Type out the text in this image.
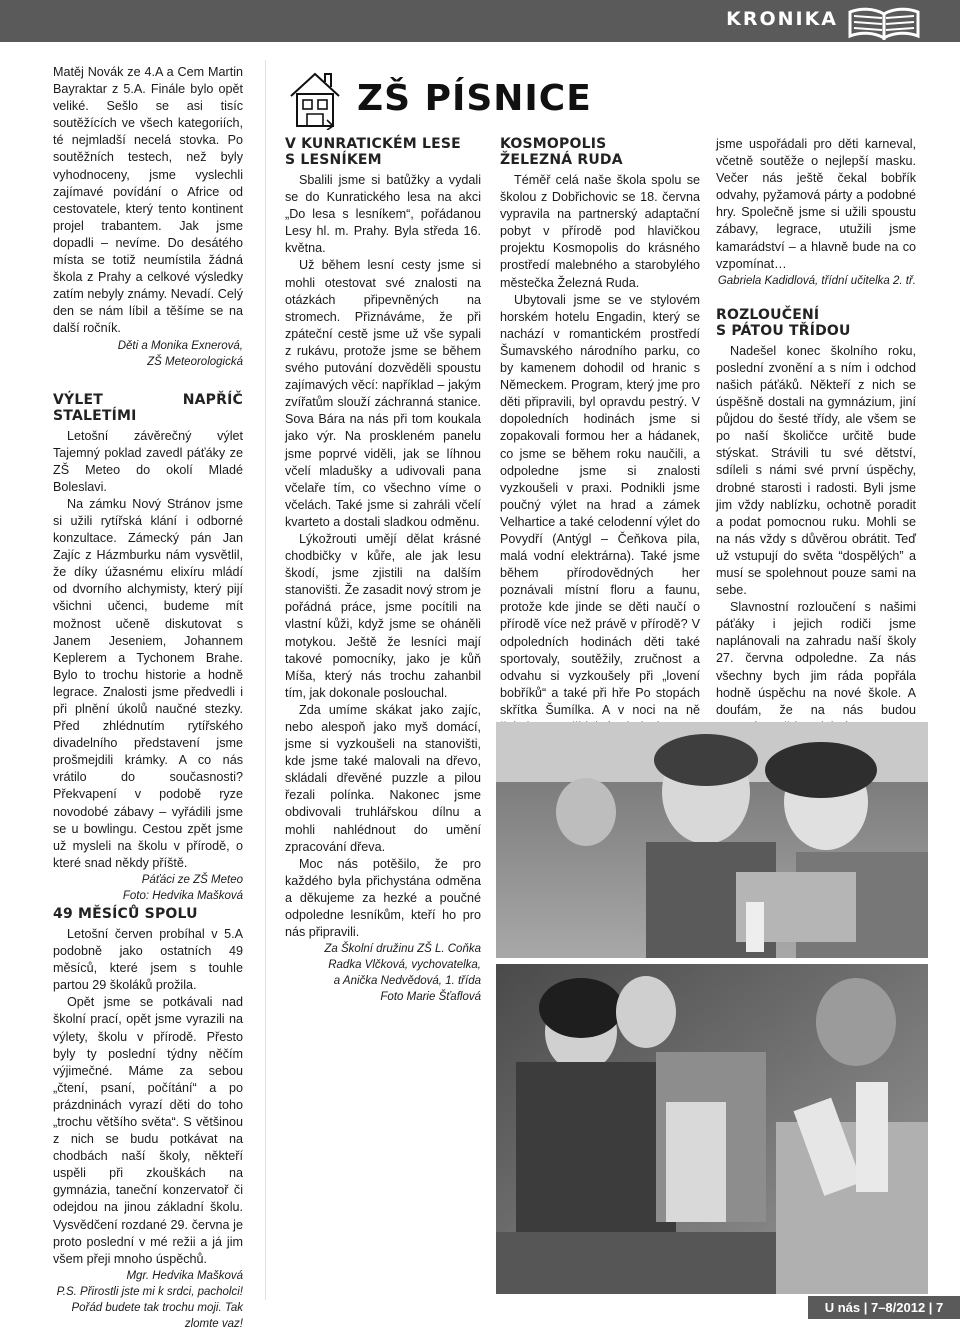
KRONIKA
ZŠ PÍSNICE

Matěj Novák ze 4.A a Cem Martin Bayraktar z 5.A. Finále bylo opět veliké. Sešlo se asi tisíc soutěžících ve všech kategoriích, té nejmladší necelá stovka. Po soutěžních testech, než byly vyhodnoceny, jsme vyslechli zajímavé povídání o Africe od cestovatele, který tento kontinent projel trabantem. Jak jsme dopadli – nevíme. Do desátého místa se totiž neumístila žádná škola z Prahy a celkové výsledky zatím nebyly známy. Nevadí. Celý den se nám líbil a těšíme se na další ročník.

Děti a Monika Exnerová,
ZŠ Meteorologická
VÝLET NAPŘÍČ STALETÍMI

Letošní závěrečný výlet Tajemný poklad zavedl páťáky ze ZŠ Meteo do okolí Mladé Boleslavi.

Na zámku Nový Stránov jsme si užili rytířská klání i odborné konzultace. Zámecký pán Jan Zajíc z Házmburku nám vysvětlil, že díky úžasnému elixíru mládí od dvorního alchymisty, který pijí všichni učenci, budeme mít možnost učeně diskutovat s Janem Jeseniem, Johannem Keplerem a Tychonem Brahe. Bylo to trochu historie a hodně legrace. Znalosti jsme předvedli i při plnění úkolů naučné stezky. Před zhlédnutím rytířského divadelního představení jsme prošmejdili krámky. A co nás vrátilo do současnosti? Překvapení v podobě ryze novodobé zábavy – vyřádili jsme se u bowlingu. Cestou zpět jsme už mysleli na školu v přírodě, o které snad někdy příště.

Páťáci ze ZŠ Meteo
Foto: Hedvika Mašková
49 MĚSÍCŮ SPOLU

Letošní červen probíhal v 5.A podobně jako ostatních 49 měsíců, které jsem s touhle partou 29 školáků prožila.

Opět jsme se potkávali nad školní prací, opět jsme vyrazili na výlety, školu v přírodě. Přesto byly ty poslední týdny něčím výjimečné. Máme za sebou „čtení, psaní, počítání“ a po prázdninách vyrazí děti do toho „trochu většího světa“. S většinou z nich se budu potkávat na chodbách naší školy, někteří uspěli při zkouškách na gymnázia, taneční konzervatoř či odejdou na jinou základní školu. Vysvědčení rozdané 29. června je proto poslední v mé režii a já jim všem přeji mnoho úspěchů.

Mgr. Hedvika Mašková
P.S. Přirostli jste mi k srdci, pacholci!
Pořád budete tak trochu moji. Tak
zlomte vaz!
V KUNRATICKÉM LESE
S LESNÍKEM

Sbalili jsme si batůžky a vydali se do Kunratického lesa na akci „Do lesa s lesníkem“, pořádanou Lesy hl. m. Prahy. Byla středa 16. května.

Už během lesní cesty jsme si mohli otestovat své znalosti na otázkách připevněných na stromech. Přiznáváme, že při zpáteční cestě jsme už vše sypali z rukávu, protože jsme se během svého putování dozvěděli spoustu zajímavých věcí: například – jakým zvířatům slouží záchranná stanice. Sova Bára na nás při tom koukala jako výr. Na proskleném panelu jsme poprvé viděli, jak se líhnou včelí mladušky a udivovali pana včelaře tím, co všechno víme o včelách. Také jsme si zahráli včelí kvarteto a dostali sladkou odměnu.

Lýkožrouti umějí dělat krásné chodbičky v kůře, ale jak lesu škodí, jsme zjistili na dalším stanovišti. Že zasadit nový strom je pořádná práce, jsme pocítili na vlastní kůži, když jsme se oháněli motykou. Ještě že lesníci mají takové pomocníky, jako je kůň Míša, který nás trochu zahanbil tím, jak dokonale poslouchal.

Zda umíme skákat jako zajíc, nebo alespoň jako myš domácí, jsme si vyzkoušeli na stanovišti, kde jsme také malovali na dřevo, skládali dřevěné puzzle a pilou řezali polínka. Nakonec jsme obdivovali truhlářskou dílnu a mohli nahlédnout do umění zpracování dřeva.

Moc nás potěšilo, že pro každého byla přichystána odměna a děkujeme za hezké a poučné odpoledne lesníkům, kteří ho pro nás připravili.

Za Školní družinu ZŠ L. Coňka
Radka Vlčková, vychovatelka,
a Anička Nedvědová, 1. třída
Foto Marie Šťaflová
KOSMOPOLIS
ŽELEZNÁ RUDA

Téměř celá naše škola spolu se školou z Dobřichovic se 18. června vypravila na partnerský adaptační pobyt v přírodě pod hlavičkou projektu Kosmopolis do krásného prostředí malebného a starobylého městečka Železná Ruda.

Ubytovali jsme se ve stylovém horském hotelu Engadin, který se nachází v romantickém prostředí Šumavského národního parku, co by kamenem dohodil od hranic s Německem. Program, který jme pro děti připravili, byl opravdu pestrý. V dopoledních hodinách jsme si zopakovali formou her a hádanek, co jsme se během roku naučili, a odpoledne jsme si znalosti vyzkoušeli v praxi. Podnikli jsme poučný výlet na hrad a zámek Velhartice a také celodenní výlet do Povydří (Antýgl – Čeňkova pila, malá vodní elektrárna). Také jsme během přírodovědných her poznávali místní floru a faunu, protože kde jinde se děti naučí o přírodě více než právě v přírodě? V odpoledních hodinách děti také sportovaly, soutěžily, zručnost a odvahu si vyzkoušely při „lovení bobříků“ a také při hře Po stopách skřítka Šumílka. A v noci na ně

jsme uspořádali pro děti karneval, včetně soutěže o nejlepší masku. Večer nás ještě čekal bobřík odvahy, pyžamová párty a podobné hry. Společně jsme si užili spoustu zábavy, legrace, utužili jsme kamarádství – a hlavně bude na co vzpomínat…

Gabriela Kadidlová, třídní učitelka 2. tř.
ROZLOUČENÍ
S PÁTOU TŘÍDOU

Nadešel konec školního roku, poslední zvonění a s ním i odchod našich páťáků. Někteří z nich se úspěšně dostali na gymnázium, jiní půjdou do šesté třídy, ale všem se po naší školičce určitě bude stýskat. Strávili tu své dětství, sdíleli s námi své první úspěchy, drobné starosti i radosti. Byli jsme jim vždy nablízku, ochotně poradit a podat pomocnou ruku. Mohli se na nás vždy s důvěrou obrátit. Teď už vstupují do světa “dospělých” a musí se spolehnout pouze sami na sebe.

Slavnostní rozloučení s našimi páťáky i jejich rodiči jsme naplánovali na zahradu naší školy 27. června odpoledne. Za nás všechny bych jim ráda popřála hodně úspěchu na nové škole. A doufám, že na nás budou

U nás | 7–8/2012 | 7
